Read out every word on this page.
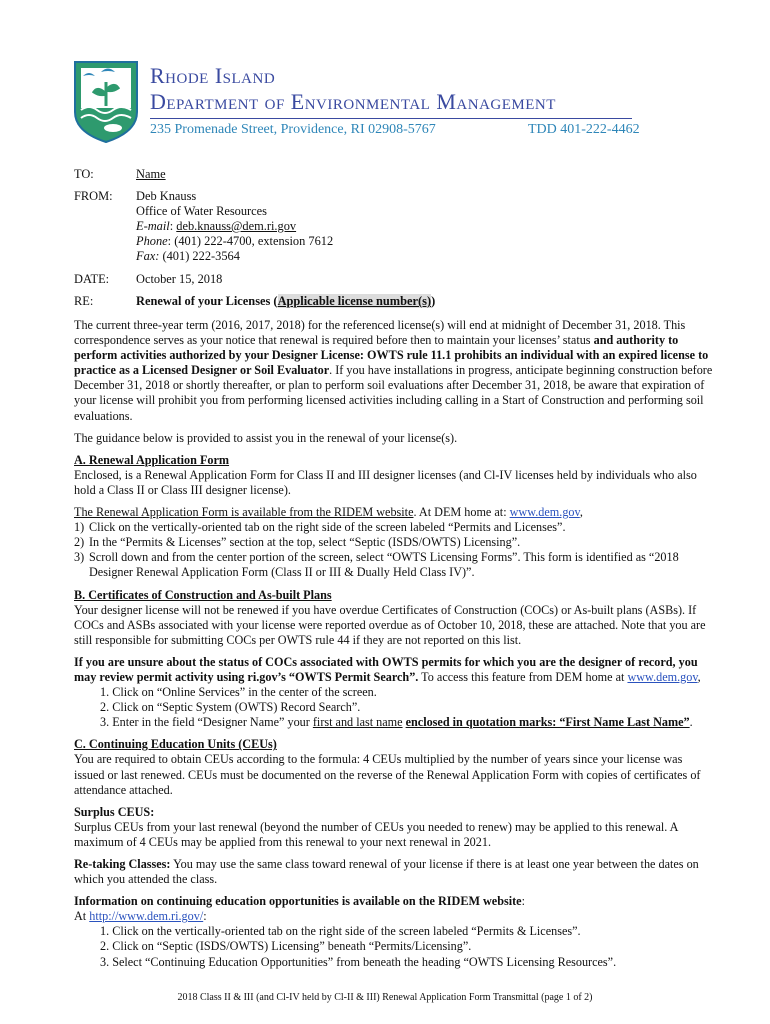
Rhode Island
Department of Environmental Management
235 Promenade Street, Providence, RI 02908-5767	TDD 401-222-4462
TO:	Name
FROM: Deb Knauss
Office of Water Resources
E-mail: deb.knauss@dem.ri.gov
Phone: (401) 222-4700, extension 7612
Fax: (401) 222-3564
DATE: October 15, 2018
RE:	Renewal of your Licenses (Applicable license number(s))

The current three-year term (2016, 2017, 2018) for the referenced license(s) will end at midnight of December 31, 2018. This correspondence serves as your notice that renewal is required before then to maintain your licenses’ status and authority to perform activities authorized by your Designer License: OWTS rule 11.1 prohibits an individual with an expired license to practice as a Licensed Designer or Soil Evaluator. If you have installations in progress, anticipate beginning construction before December 31, 2018 or shortly thereafter, or plan to perform soil evaluations after December 31, 2018, be aware that expiration of your license will prohibit you from performing licensed activities including calling in a Start of Construction and performing soil evaluations.

The guidance below is provided to assist you in the renewal of your license(s).

A. Renewal Application Form

Enclosed, is a Renewal Application Form for Class II and III designer licenses (and Cl-IV licenses held by individuals who also hold a Class II or Class III designer license).

The Renewal Application Form is available from the RIDEM website. At DEM home at: www.dem.gov,

1) Click on the vertically-oriented tab on the right side of the screen labeled “Permits and Licenses”.
2) In the “Permits & Licenses” section at the top, select “Septic (ISDS/OWTS) Licensing”.
3) Scroll down and from the center portion of the screen, select “OWTS Licensing Forms”. This form is identified as “2018 Designer Renewal Application Form (Class II or III & Dually Held Class IV)”.

B. Certificates of Construction and As-built Plans

Your designer license will not be renewed if you have overdue Certificates of Construction (COCs) or As-built plans (ASBs). If COCs and ASBs associated with your license were reported overdue as of October 10, 2018, these are attached. Note that you are still responsible for submitting COCs per OWTS rule 44 if they are not reported on this list.

If you are unsure about the status of COCs associated with OWTS permits for which you are the designer of record, you may review permit activity using ri.gov’s “OWTS Permit Search”. To access this feature from DEM home at www.dem.gov,

1. Click on “Online Services” in the center of the screen.
2. Click on “Septic System (OWTS) Record Search”.
3. Enter in the field “Designer Name” your first and last name enclosed in quotation marks: “First Name Last Name”.

C. Continuing Education Units (CEUs)

You are required to obtain CEUs according to the formula: 4 CEUs multiplied by the number of years since your license was issued or last renewed. CEUs must be documented on the reverse of the Renewal Application Form with copies of certificates of attendance attached.

Surplus CEUS:

Surplus CEUs from your last renewal (beyond the number of CEUs you needed to renew) may be applied to this renewal. A maximum of 4 CEUs may be applied from this renewal to your next renewal in 2021.

Re-taking Classes: You may use the same class toward renewal of your license if there is at least one year between the dates on which you attended the class.

Information on continuing education opportunities is available on the RIDEM website:

At http://www.dem.ri.gov/:

1. Click on the vertically-oriented tab on the right side of the screen labeled “Permits & Licenses”.
2. Click on “Septic (ISDS/OWTS) Licensing” beneath “Permits/Licensing”.
3. Select “Continuing Education Opportunities” from beneath the heading “OWTS Licensing Resources”.
2018 Class II & III (and Cl-IV held by Cl-II & III) Renewal Application Form Transmittal (page 1 of 2)
